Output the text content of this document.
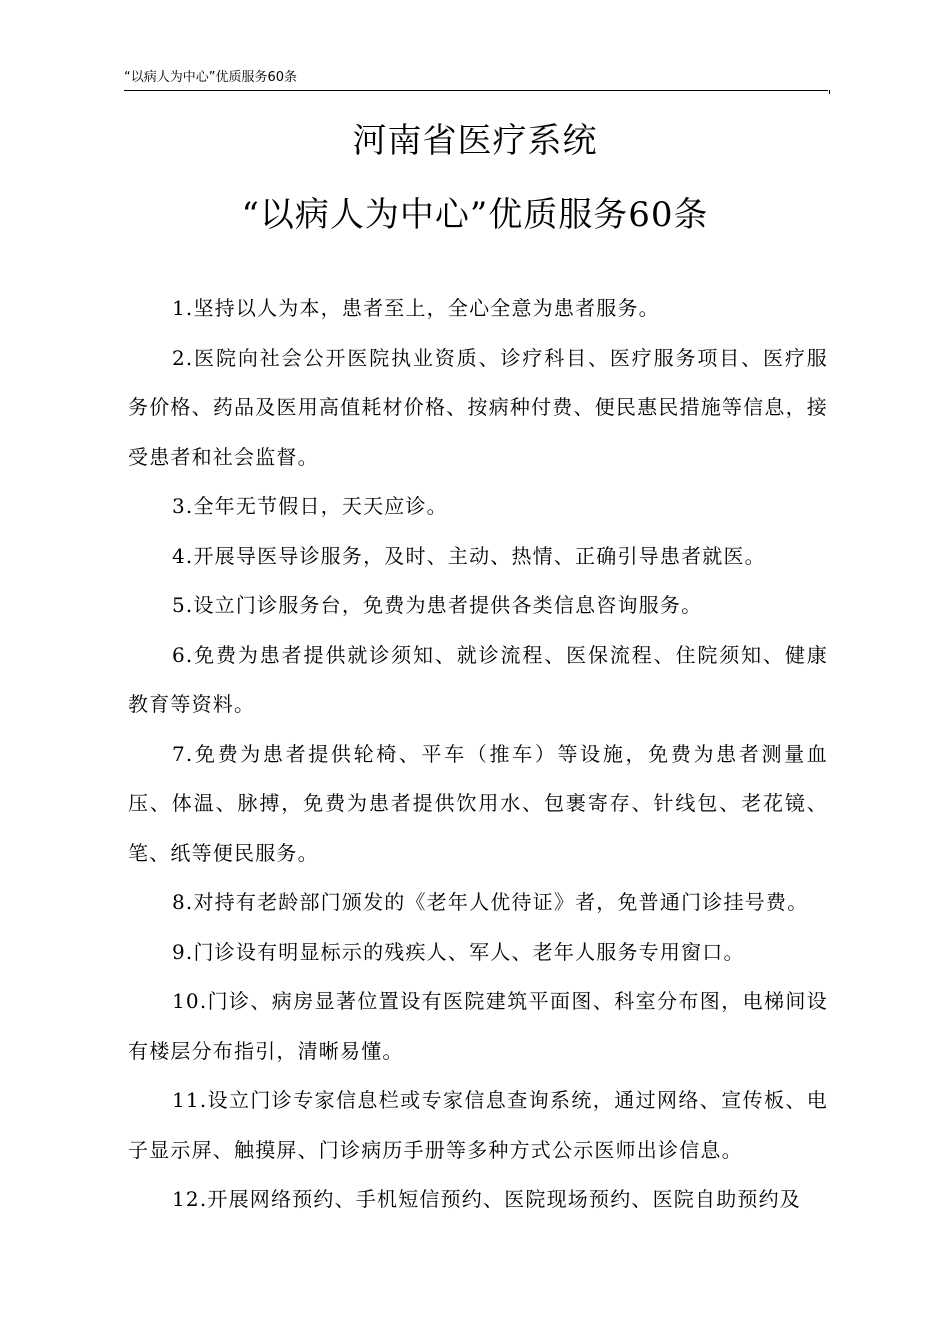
“以病人为中心”优质服务60条
河南省医疗系统
“以病人为中心”优质服务60条

1.坚持以人为本，患者至上，全心全意为患者服务。

2.医院向社会公开医院执业资质、诊疗科目、医疗服务项目、医疗服务价格、药品及医用高值耗材价格、按病种付费、便民惠民措施等信息，接受患者和社会监督。

3.全年无节假日，天天应诊。

4.开展导医导诊服务，及时、主动、热情、正确引导患者就医。

5.设立门诊服务台，免费为患者提供各类信息咨询服务。

6.免费为患者提供就诊须知、就诊流程、医保流程、住院须知、健康教育等资料。

7.免费为患者提供轮椅、平车（推车）等设施，免费为患者测量血压、体温、脉搏，免费为患者提供饮用水、包裹寄存、针线包、老花镜、笔、纸等便民服务。

8.对持有老龄部门颁发的《老年人优待证》者，免普通门诊挂号费。

9.门诊设有明显标示的残疾人、军人、老年人服务专用窗口。

10.门诊、病房显著位置设有医院建筑平面图、科室分布图，电梯间设有楼层分布指引，清晰易懂。

11.设立门诊专家信息栏或专家信息查询系统，通过网络、宣传板、电子显示屏、触摸屏、门诊病历手册等多种方式公示医师出诊信息。

12.开展网络预约、手机短信预约、医院现场预约、医院自助预约及
